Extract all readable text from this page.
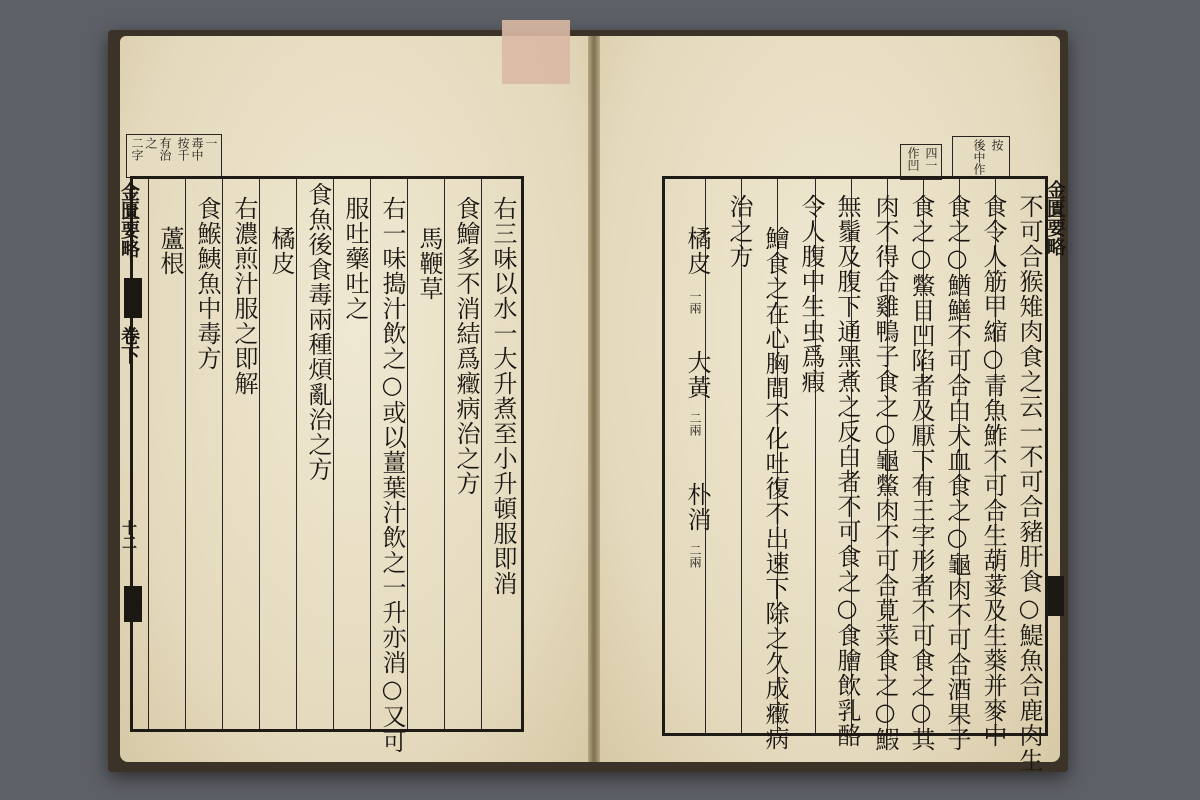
一
毒中
按千
有治
之
二字
金匱要略
卷下
十二	右三味以水一大升煮至小升頓服即消
食鱠多不消結爲癥病治之方
馬鞭草
右一味搗汁飲之○或以薑葉汁飲之一升亦消○又可
服吐藥吐之
食魚後食毒兩種煩亂治之方
橘皮
右濃煎汁服之即解
食鯸鮧魚中毒方
蘆根
四一
作凹
按
後中作
金匱要略
不可合猴雉肉食之云一不可合豬肝食○鯷魚合鹿肉生
食令人筋甲縮○青魚鮓不可合生葫荽及生葵并麥中
食之○鰌鱔不可合白犬血食之○龜肉不可合酒果子
食之○鱉目凹陷者及厭下有王字形者不可食之○其
肉不得合雞鴨子食之○龜鱉肉不可合莧菜食之○鰕
無鬚及腹下通黑煮之反白者不可食之○食膾飲乳酪
令人腹中生虫爲瘕
鱠食之在心胸間不化吐復不出速下除之久成癥病
治之方
橘皮
一兩
大黃
二兩
朴消
二兩
